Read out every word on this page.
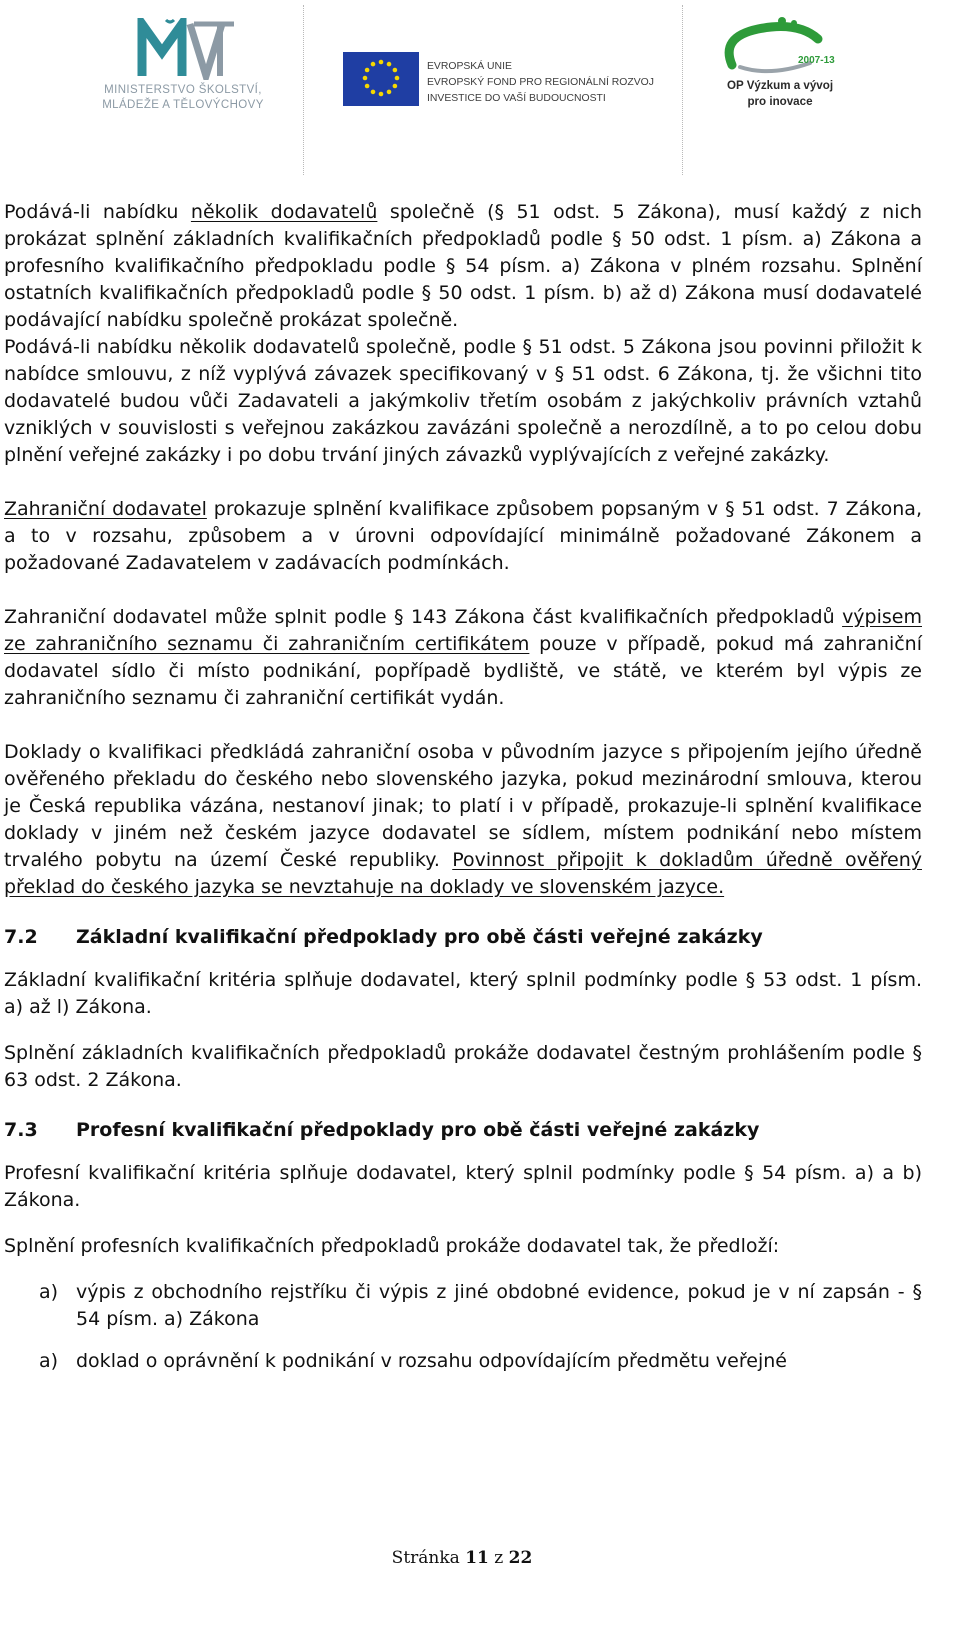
MINISTERSTVO ŠKOLSTVÍ,
MLÁDEŽE A TĚLOVÝCHOVY
EVROPSKÁ UNIE
EVROPSKÝ FOND PRO REGIONÁLNÍ ROZVOJ
INVESTICE DO VAŠÍ BUDOUCNOSTI
2007-13
OP Výzkum a vývoj
pro inovace

Podává-li nabídku několik dodavatelů společně (§ 51 odst. 5 Zákona), musí každý z nich prokázat splnění základních kvalifikačních předpokladů podle § 50 odst. 1 písm. a) Zákona a profesního kvalifikačního předpokladu podle § 54 písm. a) Zákona v plném rozsahu. Splnění ostatních kvalifikačních předpokladů podle § 50 odst. 1 písm. b) až d) Zákona musí dodavatelé podávající nabídku společně prokázat společně.

Podává-li nabídku několik dodavatelů společně, podle § 51 odst. 5 Zákona jsou povinni přiložit k nabídce smlouvu, z níž vyplývá závazek specifikovaný v § 51 odst. 6 Zákona, tj. že všichni tito dodavatelé budou vůči Zadavateli a jakýmkoliv třetím osobám z jakýchkoliv právních vztahů vzniklých v souvislosti s veřejnou zakázkou zavázáni společně a nerozdílně, a to po celou dobu plnění veřejné zakázky i po dobu trvání jiných závazků vyplývajících z veřejné zakázky.

Zahraniční dodavatel prokazuje splnění kvalifikace způsobem popsaným v § 51 odst. 7 Zákona, a to v rozsahu, způsobem a v úrovni odpovídající minimálně požadované Zákonem a požadované Zadavatelem v zadávacích podmínkách.

Zahraniční dodavatel může splnit podle § 143 Zákona část kvalifikačních předpokladů výpisem ze zahraničního seznamu či zahraničním certifikátem pouze v případě, pokud má zahraniční dodavatel sídlo či místo podnikání, popřípadě bydliště, ve státě, ve kterém byl výpis ze zahraničního seznamu či zahraniční certifikát vydán.

Doklady o kvalifikaci předkládá zahraniční osoba v původním jazyce s připojením jejího úředně ověřeného překladu do českého nebo slovenského jazyka, pokud mezinárodní smlouva, kterou je Česká republika vázána, nestanoví jinak; to platí i v případě, prokazuje-li splnění kvalifikace doklady v jiném než českém jazyce dodavatel se sídlem, místem podnikání nebo místem trvalého pobytu na území České republiky. Povinnost připojit k dokladům úředně ověřený překlad do českého jazyka se nevztahuje na doklady ve slovenském jazyce.

7.2 Základní kvalifikační předpoklady pro obě části veřejné zakázky

Základní kvalifikační kritéria splňuje dodavatel, který splnil podmínky podle § 53 odst. 1 písm. a) až l) Zákona.

Splnění základních kvalifikačních předpokladů prokáže dodavatel čestným prohlášením podle § 63 odst. 2 Zákona.

7.3 Profesní kvalifikační předpoklady pro obě části veřejné zakázky

Profesní kvalifikační kritéria splňuje dodavatel, který splnil podmínky podle § 54 písm. a) a b) Zákona.

Splnění profesních kvalifikačních předpokladů prokáže dodavatel tak, že předloží:

a) výpis z obchodního rejstříku či výpis z jiné obdobné evidence, pokud je v ní zapsán - § 54 písm. a) Zákona
a) doklad o oprávnění k podnikání v rozsahu odpovídajícím předmětu veřejné
Stránka 11 z 22
